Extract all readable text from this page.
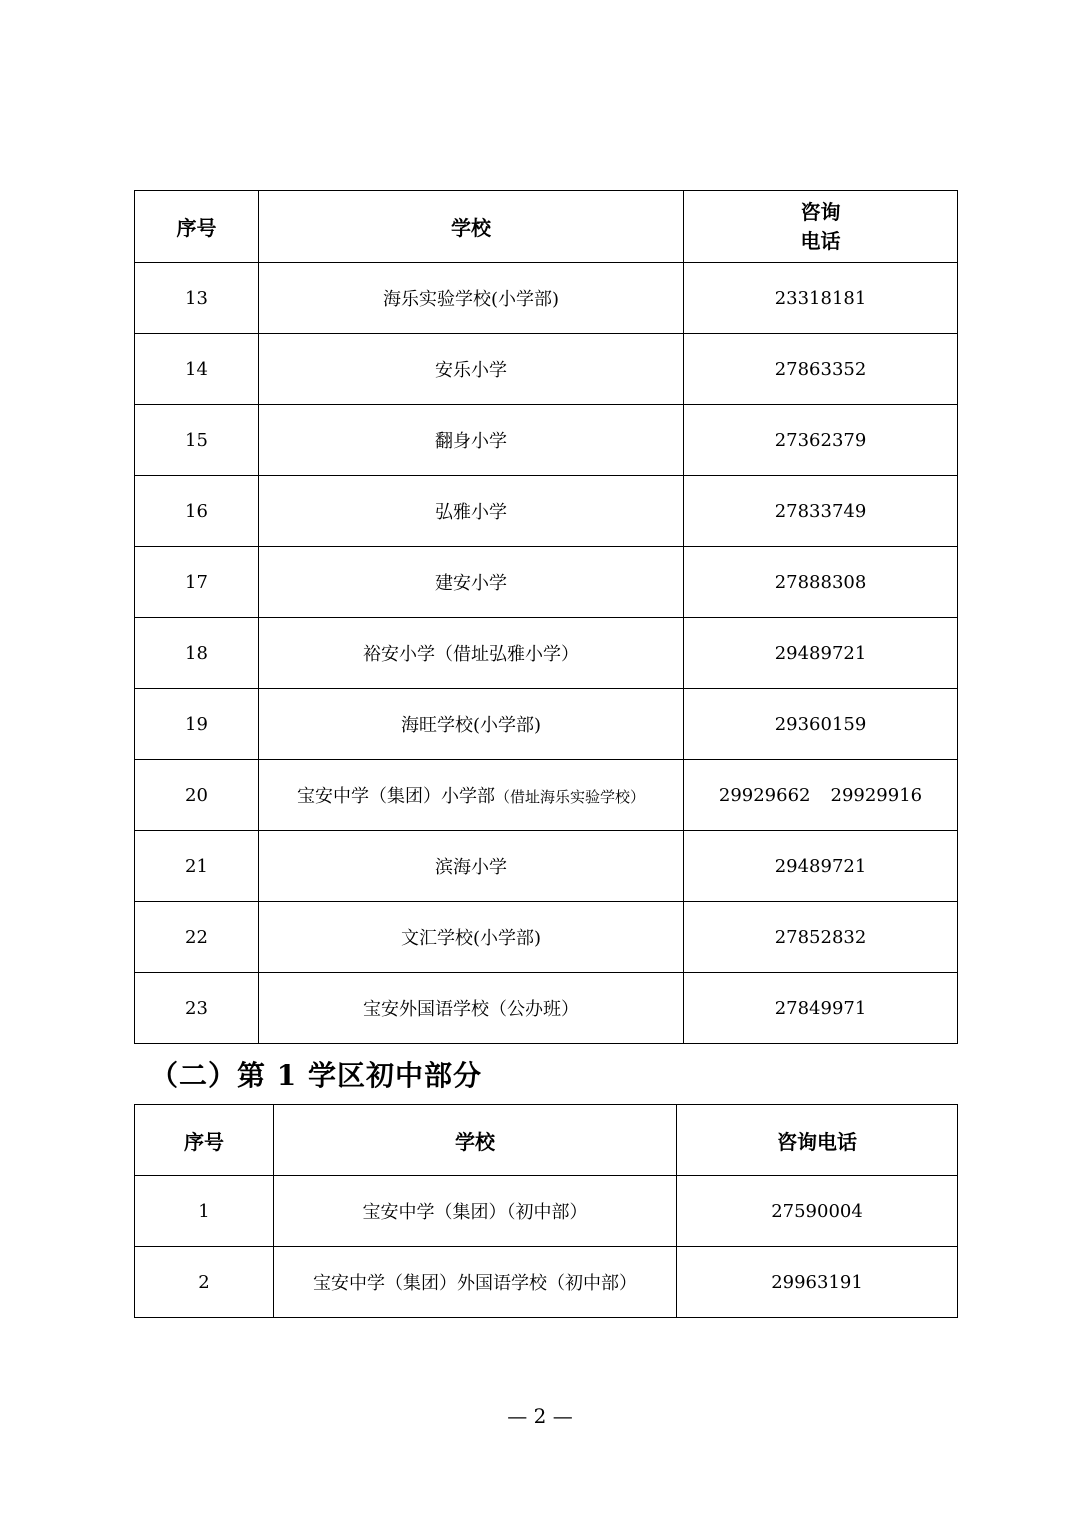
序号	学校	咨询
电话

13	海乐实验学校(小学部)	23318181
14	安乐小学	27863352
15	翻身小学	27362379
16	弘雅小学	27833749
17	建安小学	27888308
18	裕安小学（借址弘雅小学）	29489721
19	海旺学校(小学部)	29360159
20	宝安中学（集团）小学部（借址海乐实验学校）	29929662 29929916
21	滨海小学	29489721
22	文汇学校(小学部)	27852832
23	宝安外国语学校（公办班）	27849971
（二）第 1 学区初中部分
序号	学校	咨询电话
1	宝安中学（集团）（初中部）	27590004
2	宝安中学（集团）外国语学校（初中部）	29963191
— 2 —
